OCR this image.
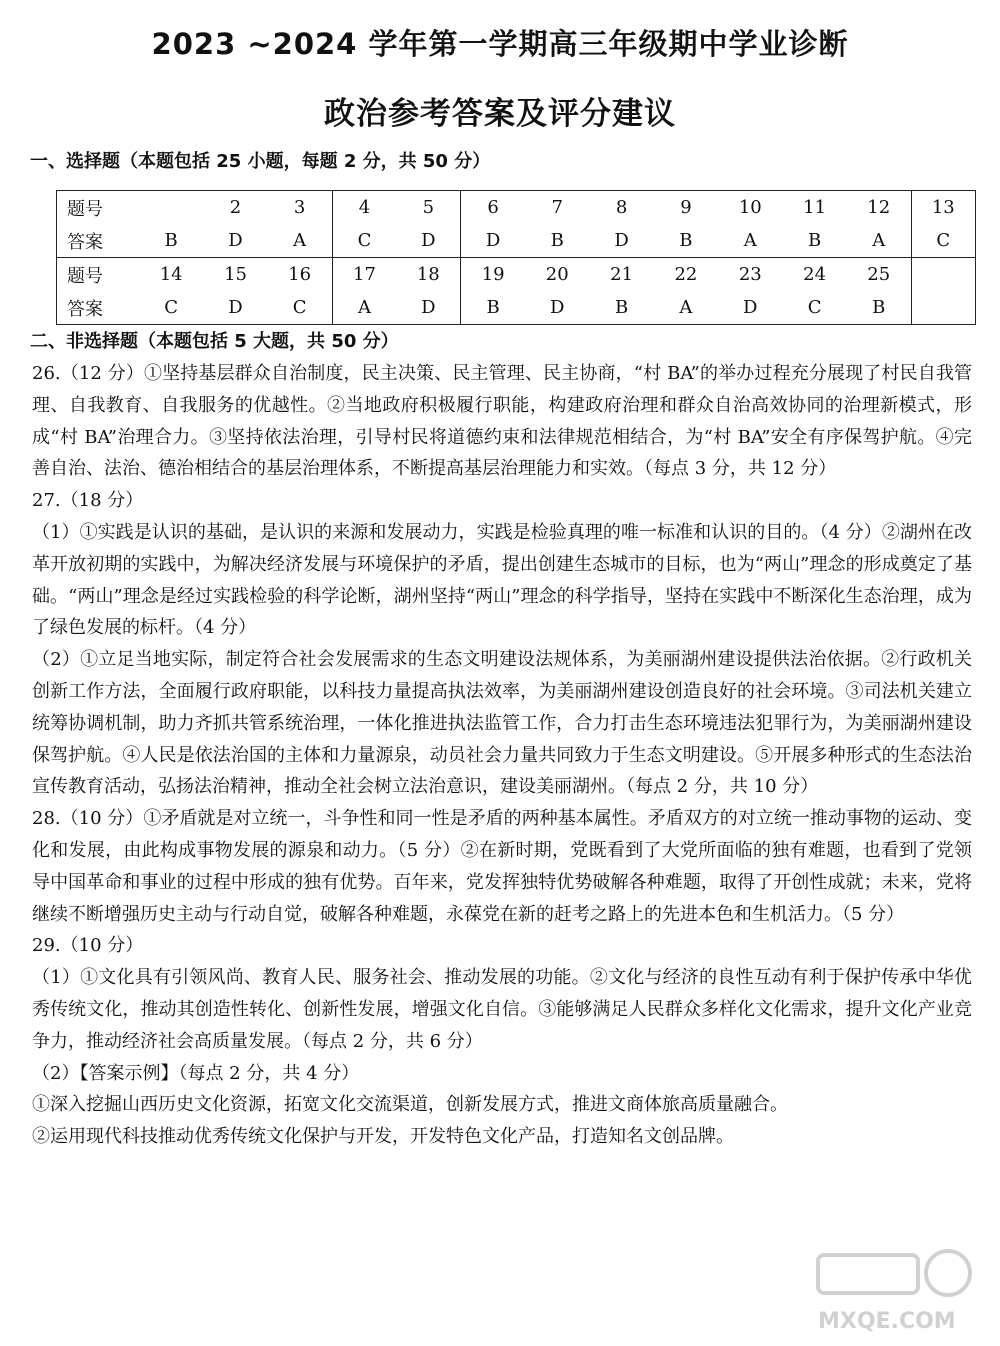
2023 ~2024 学年第一学期高三年级期中学业诊断
政治参考答案及评分建议
一、选择题（本题包括 25 小题，每题 2 分，共 50 分）
题号		2	3	4	5	6	7	8	9	10	11	12	13
答案	B	D	A	C	D	D	B	D	B	A	B	A	C
题号	14	15	16	17	18	19	20	21	22	23	24	25	
答案	C	D	C	A	D	B	D	B	A	D	C	B	
二、非选择题（本题包括 5 大题，共 50 分）

26.（12 分）①坚持基层群众自治制度，民主决策、民主管理、民主协商，“村 BA”的举办过程充分展现了村民自我管理、自我教育、自我服务的优越性。②当地政府积极履行职能，构建政府治理和群众自治高效协同的治理新模式，形成“村 BA”治理合力。③坚持依法治理，引导村民将道德约束和法律规范相结合，为“村 BA”安全有序保驾护航。④完善自治、法治、德治相结合的基层治理体系，不断提高基层治理能力和实效。（每点 3 分，共 12 分）

27.（18 分）

（1）①实践是认识的基础，是认识的来源和发展动力，实践是检验真理的唯一标准和认识的目的。（4 分）②湖州在改革开放初期的实践中，为解决经济发展与环境保护的矛盾，提出创建生态城市的目标，也为“两山”理念的形成奠定了基础。“两山”理念是经过实践检验的科学论断，湖州坚持“两山”理念的科学指导，坚持在实践中不断深化生态治理，成为了绿色发展的标杆。（4 分）

（2）①立足当地实际，制定符合社会发展需求的生态文明建设法规体系，为美丽湖州建设提供法治依据。②行政机关创新工作方法，全面履行政府职能，以科技力量提高执法效率，为美丽湖州建设创造良好的社会环境。③司法机关建立统筹协调机制，助力齐抓共管系统治理，一体化推进执法监管工作，合力打击生态环境违法犯罪行为，为美丽湖州建设保驾护航。④人民是依法治国的主体和力量源泉，动员社会力量共同致力于生态文明建设。⑤开展多种形式的生态法治宣传教育活动，弘扬法治精神，推动全社会树立法治意识，建设美丽湖州。（每点 2 分，共 10 分）

28.（10 分）①矛盾就是对立统一，斗争性和同一性是矛盾的两种基本属性。矛盾双方的对立统一推动事物的运动、变化和发展，由此构成事物发展的源泉和动力。（5 分）②在新时期，党既看到了大党所面临的独有难题，也看到了党领导中国革命和事业的过程中形成的独有优势。百年来，党发挥独特优势破解各种难题，取得了开创性成就；未来，党将继续不断增强历史主动与行动自觉，破解各种难题，永葆党在新的赶考之路上的先进本色和生机活力。（5 分）

29.（10 分）

（1）①文化具有引领风尚、教育人民、服务社会、推动发展的功能。②文化与经济的良性互动有利于保护传承中华优秀传统文化，推动其创造性转化、创新性发展，增强文化自信。③能够满足人民群众多样化文化需求，提升文化产业竞争力，推动经济社会高质量发展。（每点 2 分，共 6 分）

（2）【答案示例】（每点 2 分，共 4 分）

①深入挖掘山西历史文化资源，拓宽文化交流渠道，创新发展方式，推进文商体旅高质量融合。

②运用现代科技推动优秀传统文化保护与开发，开发特色文化产品，打造知名文创品牌。

MXQE.COM
